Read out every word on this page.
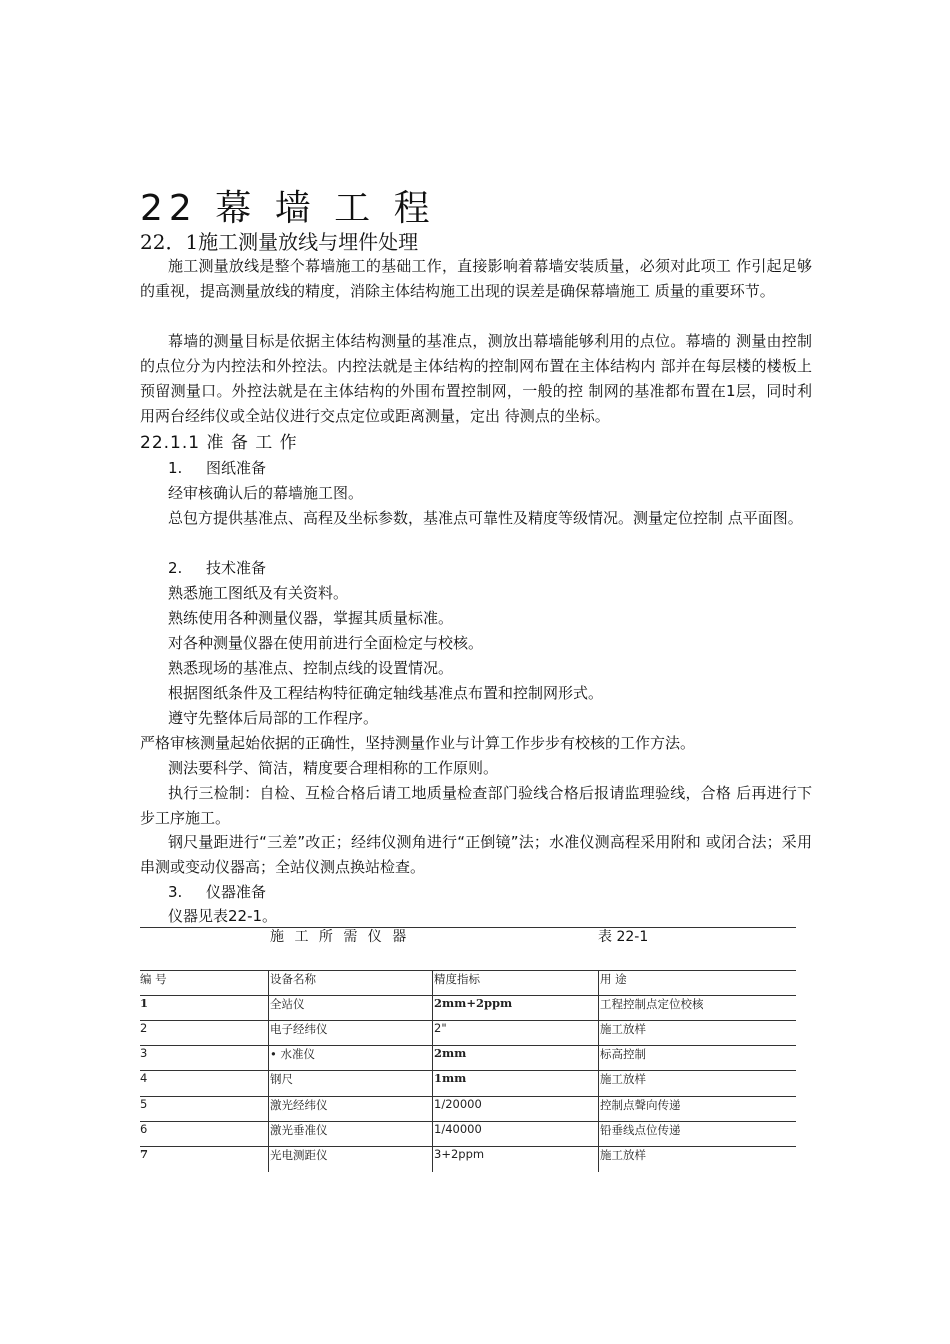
22 幕 墙 工 程
22．1施工测量放线与埋件处理
施工测量放线是整个幕墙施工的基础工作，直接影响着幕墙安装质量，必须对此项工 作引起足够的重视，提高测量放线的精度，消除主体结构施工出现的误差是确保幕墙施工 质量的重要环节。
幕墙的测量目标是依据主体结构测量的基准点，测放出幕墙能够利用的点位。幕墙的 测量由控制的点位分为内控法和外控法。内控法就是主体结构的控制网布置在主体结构内 部并在每层楼的楼板上预留测量口。外控法就是在主体结构的外围布置控制网，一般的控 制网的基准都布置在1层，同时利用两台经纬仪或全站仪进行交点定位或距离测量，定出 待测点的坐标。
22.1.1 准 备 工 作
1. 图纸准备
经审核确认后的幕墙施工图。
总包方提供基准点、高程及坐标参数，基准点可靠性及精度等级情况。测量定位控制 点平面图。
2. 技术准备
熟悉施工图纸及有关资料。
熟练使用各种测量仪器，掌握其质量标准。
对各种测量仪器在使用前进行全面检定与校核。
熟悉现场的基准点、控制点线的设置情况。
根据图纸条件及工程结构特征确定轴线基准点布置和控制网形式。
遵守先整体后局部的工作程序。
严格审核测量起始依据的正确性，坚持测量作业与计算工作步步有校核的工作方法。
测法要科学、简洁，精度要合理相称的工作原则。
执行三检制：自检、互检合格后请工地质量检查部门验线合格后报请监理验线，合格 后再进行下步工序施工。
钢尺量距进行“三差”改正；经纬仪测角进行“正倒镜”法；水准仪测高程采用附和 或闭合法；采用串测或变动仪器高；全站仪测点换站检查。
3. 仪器准备
仪器见表22-1。
施 工 所 需 仪 器	表 22-1
编 号	设备名称	精度指标	用 途
1	全站仪	2mm+2ppm	工程控制点定位校核
2	电子经纬仪	2"	施工放样
3	• 水准仪	2mm	标高控制
4	钢尺	1mm	施工放样
5	激光经纬仪	1/20000	控制点聲向传递
6	激光垂准仪	1/40000	铅垂线点位传递
7	光电测距仪	3+2ppm	施工放样
